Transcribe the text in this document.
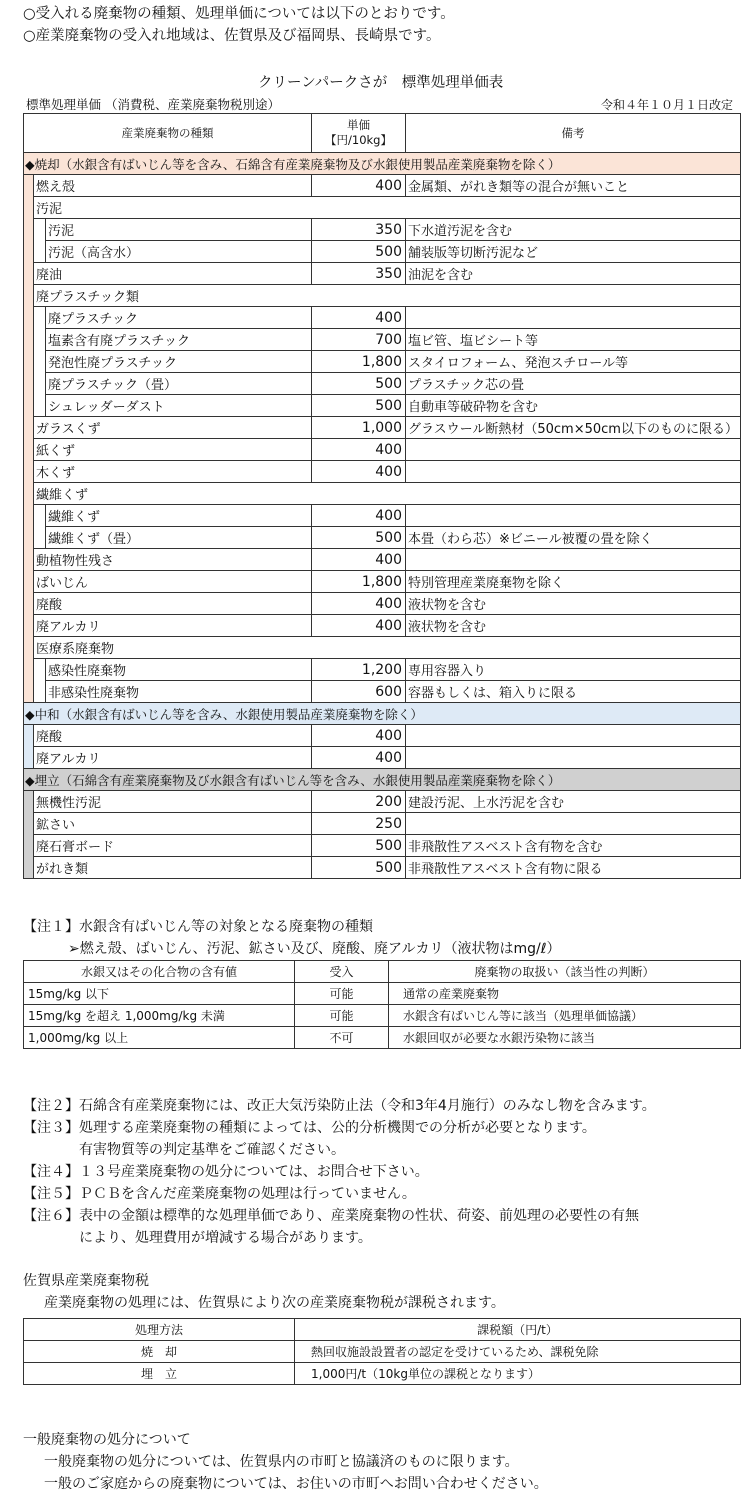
○受入れる廃棄物の種類、処理単価については以下のとおりです。
○産業廃棄物の受入れ地域は、佐賀県及び福岡県、長崎県です。
クリーンパークさが　標準処理単価表
標準処理単価 （消費税、産業廃棄物税別途）	令和４年１０月１日改定
産業廃棄物の種類			単価
【円/10kg】	備考
◆焼却（水銀含有ばいじん等を含み、石綿含有産業廃棄物及び水銀使用製品産業廃棄物を除く）				
	燃え殻		400	金属類、がれき類等の混合が無いこと
	汚泥			
		汚泥	350	下水道汚泥を含む
		汚泥（高含水）	500	舗装版等切断汚泥など
	廃油		350	油泥を含む
	廃プラスチック類			
		廃プラスチック	400	
		塩素含有廃プラスチック	700	塩ビ管、塩ビシート等
		発泡性廃プラスチック	1,800	スタイロフォーム、発泡スチロール等
		廃プラスチック（畳）	500	プラスチック芯の畳
		シュレッダーダスト	500	自動車等破砕物を含む
	ガラスくず		1,000	グラスウール断熱材（50cm×50cm以下のものに限る）
	紙くず		400	
	木くず		400	
	繊維くず			
		繊維くず	400	
		繊維くず（畳）	500	本畳（わら芯）※ビニール被覆の畳を除く
	動植物性残さ		400	
	ばいじん		1,800	特別管理産業廃棄物を除く
	廃酸		400	液状物を含む
	廃アルカリ		400	液状物を含む
	医療系廃棄物			
		感染性廃棄物	1,200	専用容器入り
		非感染性廃棄物	600	容器もしくは、箱入りに限る
◆中和（水銀含有ばいじん等を含み、水銀使用製品産業廃棄物を除く）				
	廃酸		400	
	廃アルカリ		400	
◆埋立（石綿含有産業廃棄物及び水銀含有ばいじん等を含み、水銀使用製品産業廃棄物を除く）				
	無機性汚泥		200	建設汚泥、上水汚泥を含む
	鉱さい		250	
	廃石膏ボード		500	非飛散性アスベスト含有物を含む
	がれき類		500	非飛散性アスベスト含有物に限る
【注１】水銀含有ばいじん等の対象となる廃棄物の種類
➢燃え殻、ばいじん、汚泥、鉱さい及び、廃酸、廃アルカリ（液状物はmg/ℓ）
水銀又はその化合物の含有値	受入	廃棄物の取扱い（該当性の判断）
15mg/kg 以下	可能	通常の産業廃棄物
15mg/kg を超え 1,000mg/kg 未満	可能	水銀含有ばいじん等に該当（処理単価協議）
1,000mg/kg 以上	不可	水銀回収が必要な水銀汚染物に該当
【注２】石綿含有産業廃棄物には、改正大気汚染防止法（令和3年4月施行）のみなし物を含みます。
【注３】処理する産業廃棄物の種類によっては、公的分析機関での分析が必要となります。
　　　　有害物質等の判定基準をご確認ください。
【注４】１３号産業廃棄物の処分については、お問合せ下さい。
【注５】ＰＣＢを含んだ産業廃棄物の処理は行っていません。
【注６】表中の金額は標準的な処理単価であり、産業廃棄物の性状、荷姿、前処理の必要性の有無
　　　　により、処理費用が増減する場合があります。
佐賀県産業廃棄物税
産業廃棄物の処理には、佐賀県により次の産業廃棄物税が課税されます。
処理方法	課税額（円/t）
焼　却	熱回収施設設置者の認定を受けているため、課税免除
埋　立	1,000円/t（10kg単位の課税となります）
一般廃棄物の処分について
一般廃棄物の処分については、佐賀県内の市町と協議済のものに限ります。
一般のご家庭からの廃棄物については、お住いの市町へお問い合わせください。
